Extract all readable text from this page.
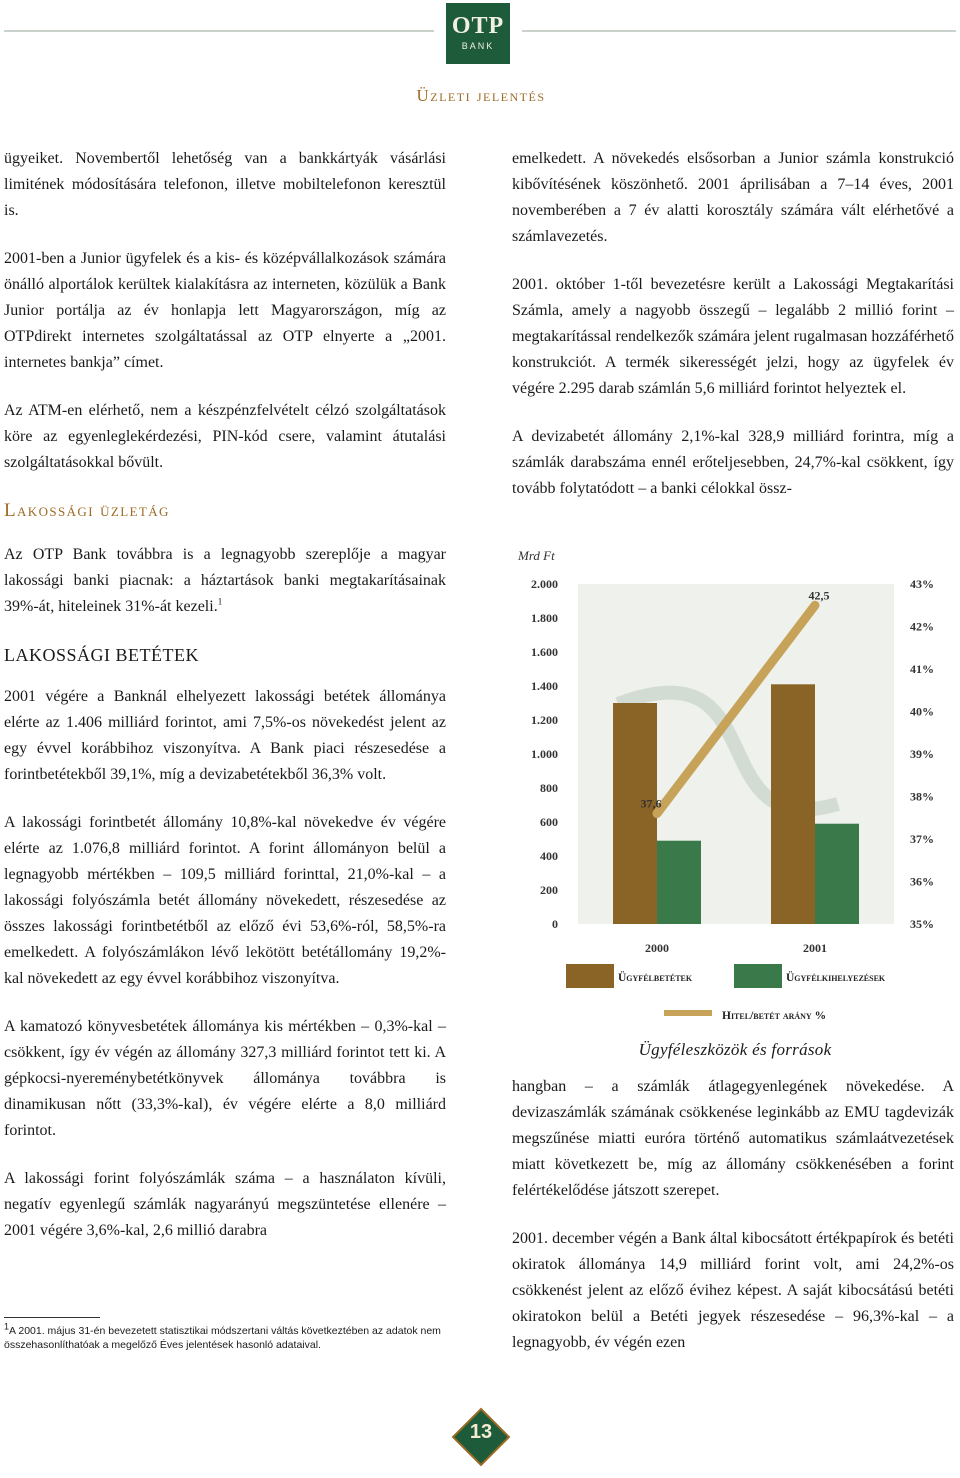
OTP
BANK
Üzleti jelentés

ügyeiket. Novembertől lehetőség van a bankkártyák vásárlási limitének módosítására telefonon, illetve mobiltelefonon keresztül is.

2001-ben a Junior ügyfelek és a kis- és középvállalkozások számára önálló alportálok kerültek kialakításra az interneten, közülük a Bank Junior portálja az év honlapja lett Magyarországon, míg az OTPdirekt internetes szolgáltatással az OTP elnyerte a „2001. internetes bankja” címet.

Az ATM-en elérhető, nem a készpénzfelvételt célzó szolgáltatások köre az egyenleglekérdezési, PIN-kód csere, valamint átutalási szolgáltatásokkal bővült.

Lakossági üzletág

Az OTP Bank továbbra is a legnagyobb szereplője a magyar lakossági banki piacnak: a háztartások banki megtakarításainak 39%-át, hiteleinek 31%-át kezeli.$^1$

LAKOSSÁGI BETÉTEK

2001 végére a Banknál elhelyezett lakossági betétek állománya elérte az 1.406 milliárd forintot, ami 7,5%-os növekedést jelent az egy évvel korábbihoz viszonyítva. A Bank piaci részesedése a forintbetétekből 39,1%, míg a devizabetétekből 36,3% volt.

A lakossági forintbetét állomány 10,8%-kal növekedve év végére elérte az 1.076,8 milliárd forintot. A forint állományon belül a legnagyobb mértékben – 109,5 milliárd forinttal, 21,0%-kal – a lakossági folyószámla betét állomány növekedett, részesedése az összes lakossági forintbetétből az előző évi 53,6%-ról, 58,5%-ra emelkedett. A folyószámlákon lévő lekötött betétállomány 19,2%-kal növekedett az egy évvel korábbihoz viszonyítva.

A kamatozó könyvesbetétek állománya kis mértékben – 0,3%-kal – csökkent, így év végén az állomány 327,3 milliárd forintot tett ki. A gépkocsi-nyereménybetétkönyvek állománya továbbra is dinamikusan nőtt (33,3%-kal), év végére elérte a 8,0 milliárd forintot.

A lakossági forint folyószámlák száma – a használaton kívüli, negatív egyenlegű számlák nagyarányú megszüntetése ellenére – 2001 végére 3,6%-kal, 2,6 millió darabra

$^1$A 2001. május 31-én bevezetett statisztikai módszertani váltás következtében az adatok nem összehasonlíthatóak a megelőző Éves jelentések hasonló adataival.

emelkedett. A növekedés elsősorban a Junior számla konstrukció kibővítésének köszönhető. 2001 áprilisában a 7–14 éves, 2001 novemberében a 7 év alatti korosztály számára vált elérhetővé a számlavezetés.

2001. október 1-től bevezetésre került a Lakossági Megtakarítási Számla, amely a nagyobb összegű – legalább 2 millió forint – megtakarítással rendelkezők számára jelent rugalmasan hozzáférhető konstrukciót. A termék sikerességét jelzi, hogy az ügyfelek év végére 2.295 darab számlán 5,6 milliárd forintot helyeztek el.

A devizabetét állomány 2,1%-kal 328,9 milliárd forintra, míg a számlák darabszáma ennél erőteljesebben, 24,7%-kal csökkent, így tovább folytatódott – a banki célokkal össz-

Mrd Ft
0
200
400
600
800
1.000
1.200
1.400
1.600
1.800
2.000
35%
36%
37%
38%
39%
40%
41%
42%
43%
2000	2001
37,6
42,5
Ügyfélbetétek	Ügyfélkihelyezések
Hitel/betét arány %
Ügyféleszközök és források

hangban – a számlák átlagegyenlegének növekedése. A devizaszámlák számának csökkenése leginkább az EMU tagdevizák megszűnése miatti euróra történő automatikus számlaátvezetések miatt következett be, míg az állomány csökkenésében a forint felértékelődése játszott szerepet.

2001. december végén a Bank által kibocsátott értékpapírok és betéti okiratok állománya 14,9 milliárd forint volt, ami 24,2%-os csökkenést jelent az előző évihez képest. A saját kibocsátású betéti okiratokon belül a Betéti jegyek részesedése – 96,3%-kal – a legnagyobb, év végén ezen

13
